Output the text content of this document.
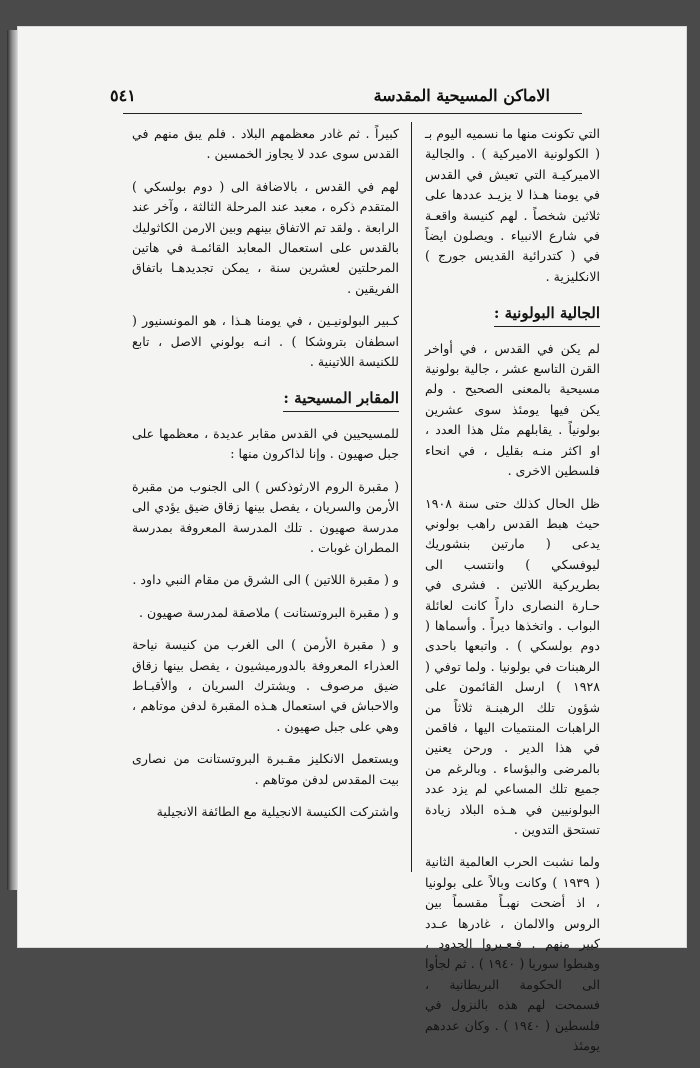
الاماكن المسيحية المقدسة
٥٤١

التي تكونت منها ما نسميه اليوم بـ ( الكولونية الاميركية ) . والجالية الاميركيـة التي تعيش في القدس في يومنا هـذا لا يزيـد عددها على ثلاثين شخصاً . لهم كنيسة واقعـة في شارع الانبياء . ويصلون ايضاً في ( كتدرائية القديس جورج ) الانكليزية .

الجالية البولونية :

لم يكن في القدس ، في أواخر القرن التاسع عشر ، جالية بولونية مسيحية بالمعنى الصحيح . ولم يكن فيها يومئذ سوى عشرين بولونياً . يقابلهم مثل هذا العدد ، او اكثر منـه بقليل ، في انحاء فلسطين الاخرى .

ظل الحال كذلك حتى سنة ١٩٠٨ حيث هبط القدس راهب بولوني يدعى ( مارتين بنشوريك ليوفسكي ) وانتسب الى بطريركية اللاتين . فشرى في حـارة النصارى داراً كانت لعائلة البواب . واتخذها ديراً . وأسماها ( دوم بولسكي ) . واتبعها باحدى الرهبنات في بولونيا . ولما توفي ( ١٩٢٨ ) ارسل القائمون على شؤون تلك الرهبنـة ثلاثاً من الراهبات المنتميات اليها ، فاقمن في هذا الدير . ورحن يعنين بالمرضى والبؤساء . وبالرغم من جميع تلك المساعي لم يزد عدد البولونيين في هـذه البلاد زيادة تستحق التدوين .

ولما نشبت الحرب العالمية الثانية ( ١٩٣٩ ) وكانت وبالاً على بولونيا ، اذ أضحت نهبـاً مقسماً بين الروس والالمان ، غادرها عـدد كبير منهم . فـعـبروا الحدود ، وهبطوا سوريا ( ١٩٤٠ ) . ثم لجأوا الى الحكومة البريطانية ، فسمحت لهم هذه بالنزول في فلسطين ( ١٩٤٠ ) . وكان عددهم يومئذ

كبيراً . ثم غادر معظمهم البلاد . فلم يبق منهم في القدس سوى عدد لا يجاوز الخمسين .

لهم في القدس ، بالاضافة الى ( دوم بولسكي ) المتقدم ذكره ، معبد عند المرحلة الثالثة ، وآخر عند الرابعة . ولقد تم الاتفاق بينهم وبين الارمن الكاثوليك بالقدس على استعمال المعابد القائمـة في هاتين المرحلتين لعشرين سنة ، يمكن تجديدهـا باتفاق الفريقين .

كـبير البولونيـين ، في يومنا هـذا ، هو المونسنيور ( اسطفان بتروشكا ) . انـه بولوني الاصل ، تابع للكنيسة اللاتينية .

المقابر المسيحية :

للمسيحيين في القدس مقابر عديدة ، معظمها على جبل صهيون . وإنا لذاكرون منها :

( مقبرة الروم الارثوذكس ) الى الجنوب من مقبرة الأرمن والسريان ، يفصل بينها زقاق ضيق يؤدي الى مدرسة صهيون . تلك المدرسة المعروفة بمدرسة المطران غوبات .

و ( مقبرة اللاتين ) الى الشرق من مقام النبي داود .

و ( مقبرة البروتستانت ) ملاصقة لمدرسة صهيون .

و ( مقبرة الأرمن ) الى الغرب من كنيسة نياحة العذراء المعروفة بالدورميشيون ، يفصل بينها زقاق ضيق مرصوف . ويشترك السريان ، والأقبـاط والاحباش في استعمال هـذه المقبرة لدفن موتاهم ، وهي على جبل صهيون .

ويستعمل الانكليز مقـبرة البروتستانت من نصارى بيت المقدس لدفن موتاهم .

واشتركت الكنيسة الانجيلية مع الطائفة الانجيلية
